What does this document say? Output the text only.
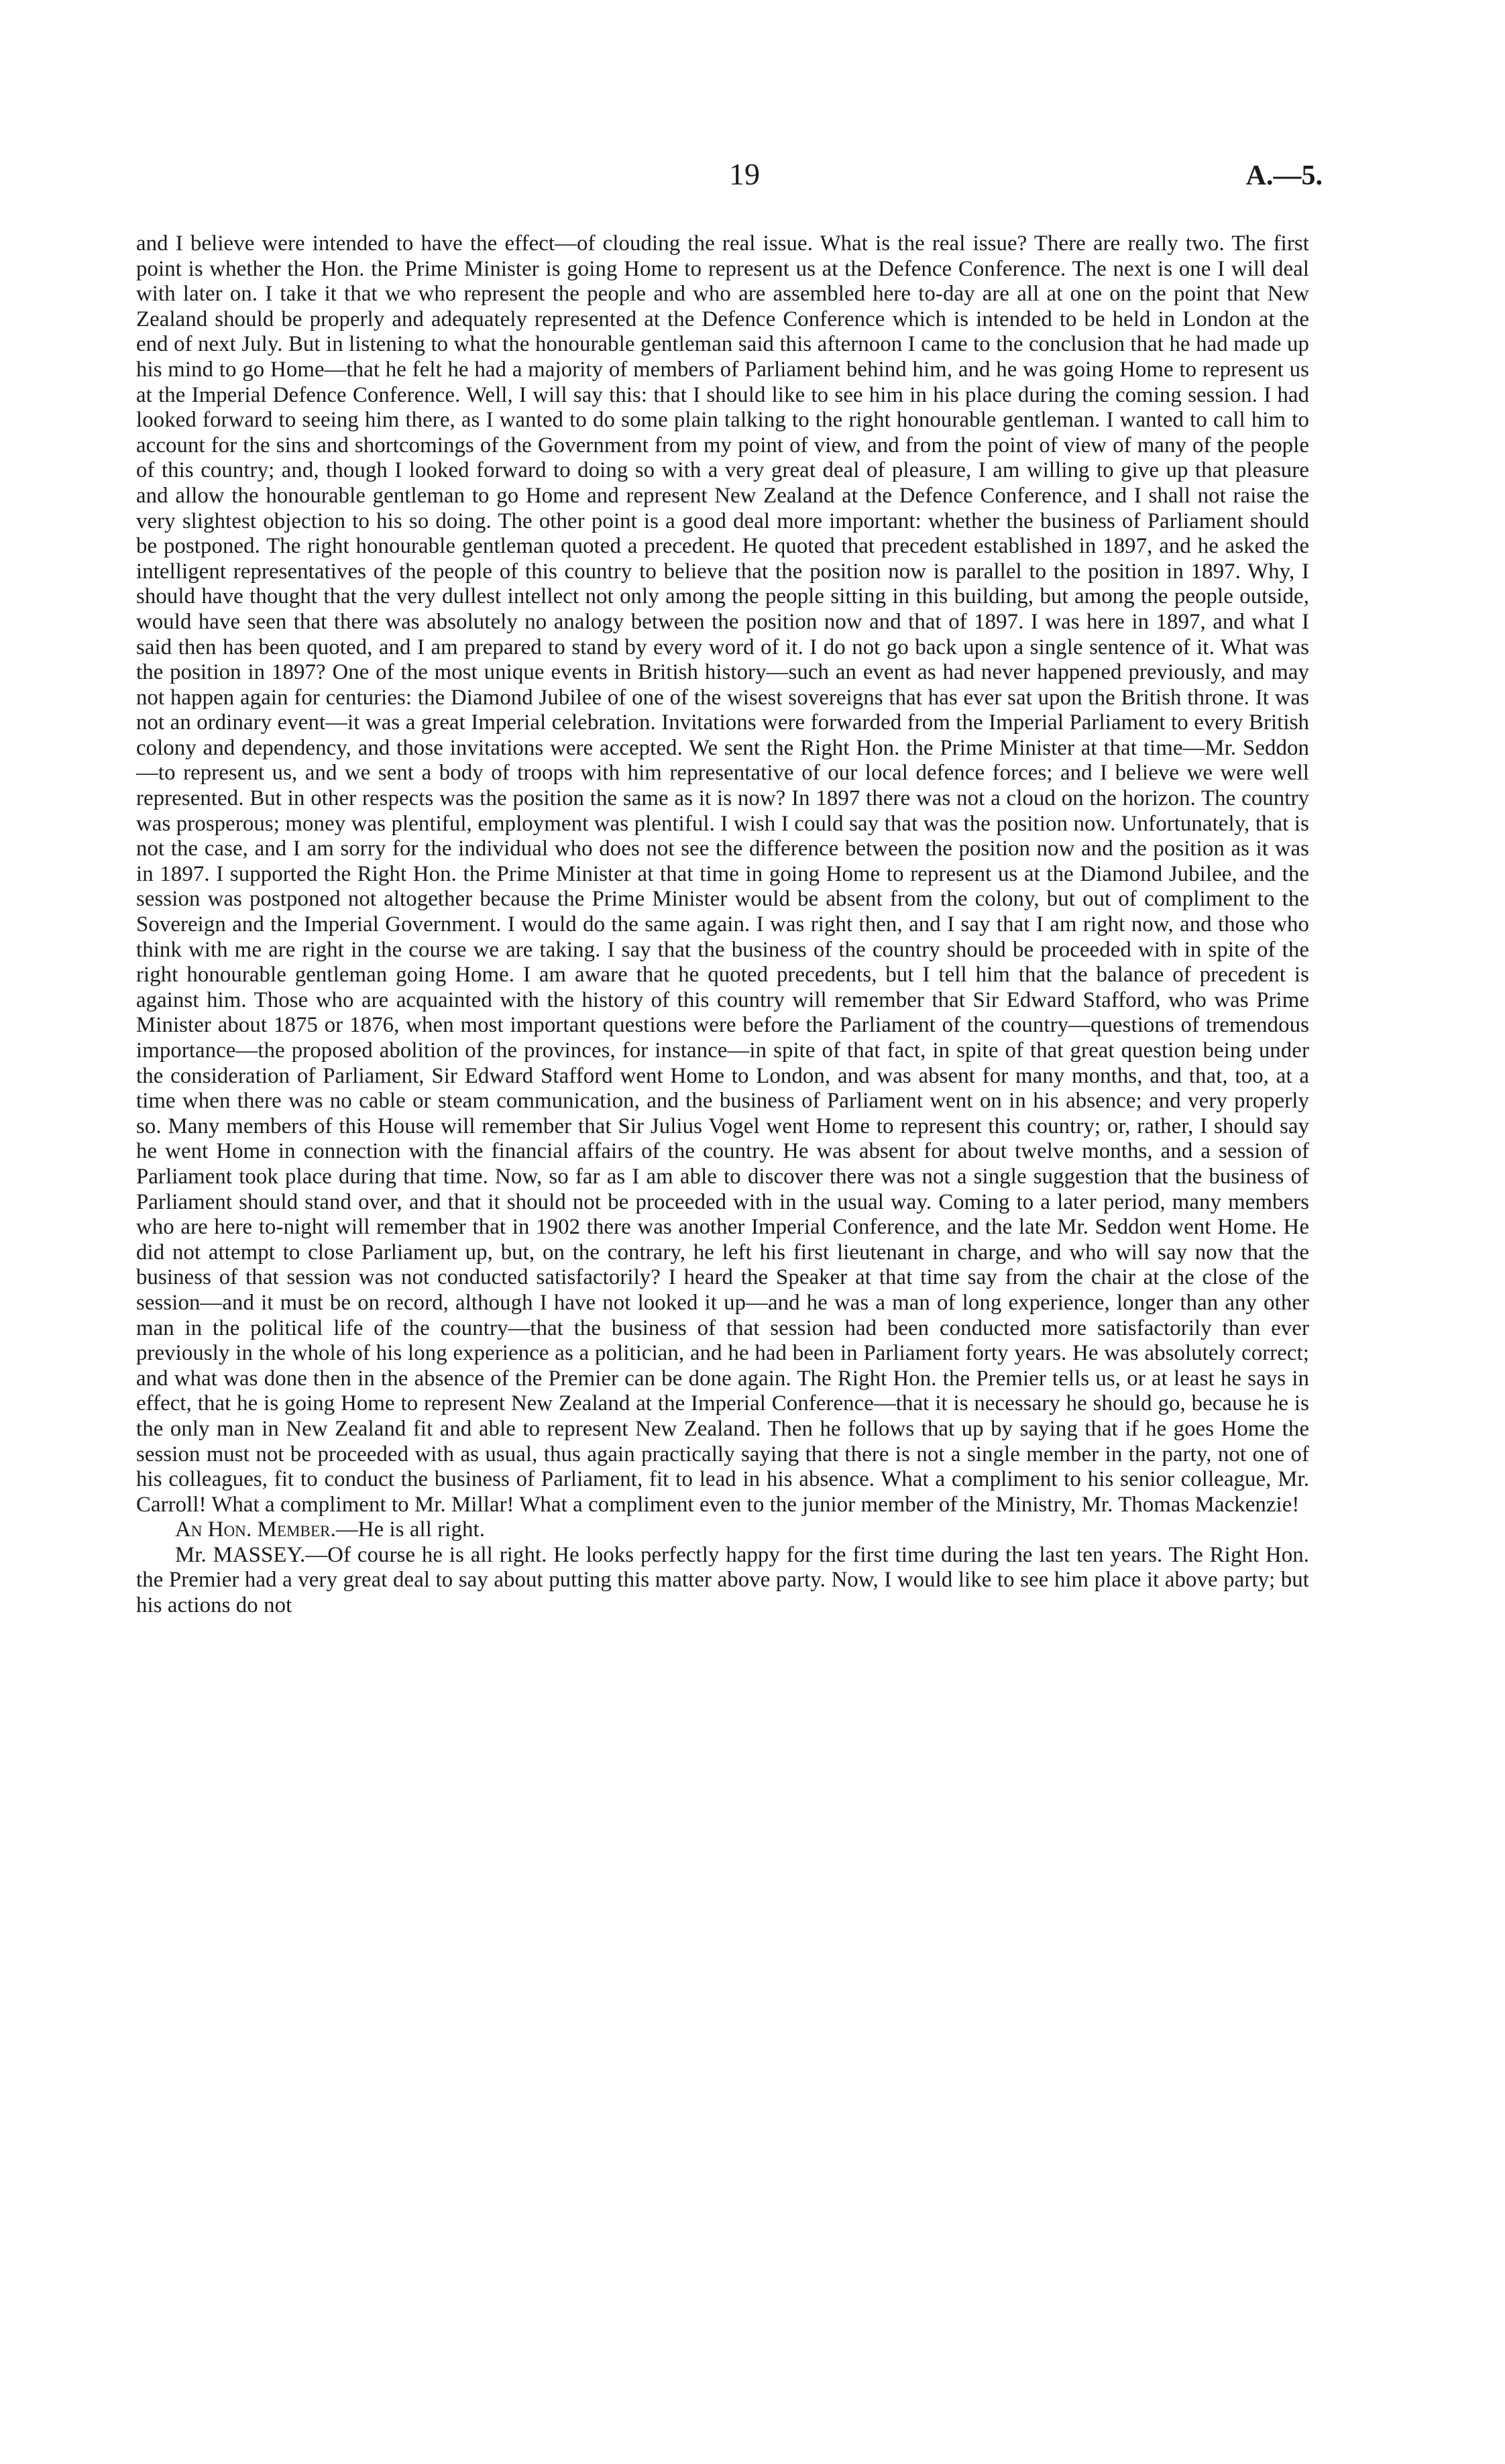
19	A.—5.

and I believe were intended to have the effect—of clouding the real issue. What is the real issue? There are really two. The first point is whether the Hon. the Prime Minister is going Home to represent us at the Defence Conference. The next is one I will deal with later on. I take it that we who represent the people and who are assembled here to-day are all at one on the point that New Zealand should be properly and adequately represented at the Defence Conference which is intended to be held in London at the end of next July. But in listening to what the honourable gentleman said this afternoon I came to the conclusion that he had made up his mind to go Home—that he felt he had a majority of members of Parliament behind him, and he was going Home to represent us at the Imperial Defence Conference. Well, I will say this: that I should like to see him in his place during the coming session. I had looked forward to seeing him there, as I wanted to do some plain talking to the right honourable gentleman. I wanted to call him to account for the sins and shortcomings of the Government from my point of view, and from the point of view of many of the people of this country; and, though I looked forward to doing so with a very great deal of pleasure, I am willing to give up that pleasure and allow the honourable gentleman to go Home and represent New Zealand at the Defence Conference, and I shall not raise the very slightest objection to his so doing. The other point is a good deal more important: whether the business of Parliament should be postponed. The right honourable gentleman quoted a precedent. He quoted that precedent established in 1897, and he asked the intelligent representatives of the people of this country to believe that the position now is parallel to the position in 1897. Why, I should have thought that the very dullest intellect not only among the people sitting in this building, but among the people outside, would have seen that there was absolutely no analogy between the position now and that of 1897. I was here in 1897, and what I said then has been quoted, and I am prepared to stand by every word of it. I do not go back upon a single sentence of it. What was the position in 1897? One of the most unique events in British history—such an event as had never happened previously, and may not happen again for centuries: the Diamond Jubilee of one of the wisest sovereigns that has ever sat upon the British throne. It was not an ordinary event—it was a great Imperial celebration. Invitations were forwarded from the Imperial Parliament to every British colony and dependency, and those invitations were accepted. We sent the Right Hon. the Prime Minister at that time—Mr. Seddon—to represent us, and we sent a body of troops with him representative of our local defence forces; and I believe we were well represented. But in other respects was the position the same as it is now? In 1897 there was not a cloud on the horizon. The country was prosperous; money was plentiful, employment was plentiful. I wish I could say that was the position now. Unfortunately, that is not the case, and I am sorry for the individual who does not see the difference between the position now and the position as it was in 1897. I supported the Right Hon. the Prime Minister at that time in going Home to represent us at the Diamond Jubilee, and the session was postponed not altogether because the Prime Minister would be absent from the colony, but out of compliment to the Sovereign and the Imperial Government. I would do the same again. I was right then, and I say that I am right now, and those who think with me are right in the course we are taking. I say that the business of the country should be proceeded with in spite of the right honourable gentleman going Home. I am aware that he quoted precedents, but I tell him that the balance of precedent is against him. Those who are acquainted with the history of this country will remember that Sir Edward Stafford, who was Prime Minister about 1875 or 1876, when most important questions were before the Parliament of the country—questions of tremendous importance—the proposed abolition of the provinces, for instance—in spite of that fact, in spite of that great question being under the consideration of Parliament, Sir Edward Stafford went Home to London, and was absent for many months, and that, too, at a time when there was no cable or steam communication, and the business of Parliament went on in his absence; and very properly so. Many members of this House will remember that Sir Julius Vogel went Home to represent this country; or, rather, I should say he went Home in connection with the financial affairs of the country. He was absent for about twelve months, and a session of Parliament took place during that time. Now, so far as I am able to discover there was not a single suggestion that the business of Parliament should stand over, and that it should not be proceeded with in the usual way. Coming to a later period, many members who are here to-night will remember that in 1902 there was another Imperial Conference, and the late Mr. Seddon went Home. He did not attempt to close Parliament up, but, on the contrary, he left his first lieutenant in charge, and who will say now that the business of that session was not conducted satisfactorily? I heard the Speaker at that time say from the chair at the close of the session—and it must be on record, although I have not looked it up—and he was a man of long experience, longer than any other man in the political life of the country—that the business of that session had been conducted more satisfactorily than ever previously in the whole of his long experience as a politician, and he had been in Parliament forty years. He was absolutely correct; and what was done then in the absence of the Premier can be done again. The Right Hon. the Premier tells us, or at least he says in effect, that he is going Home to represent New Zealand at the Imperial Conference—that it is necessary he should go, because he is the only man in New Zealand fit and able to represent New Zealand. Then he follows that up by saying that if he goes Home the session must not be proceeded with as usual, thus again practically saying that there is not a single member in the party, not one of his colleagues, fit to conduct the business of Parliament, fit to lead in his absence. What a compliment to his senior colleague, Mr. Carroll! What a compliment to Mr. Millar! What a compliment even to the junior member of the Ministry, Mr. Thomas Mackenzie!

An Hon. Member.—He is all right.

Mr. MASSEY.—Of course he is all right. He looks perfectly happy for the first time during the last ten years. The Right Hon. the Premier had a very great deal to say about putting this matter above party. Now, I would like to see him place it above party; but his actions do not
